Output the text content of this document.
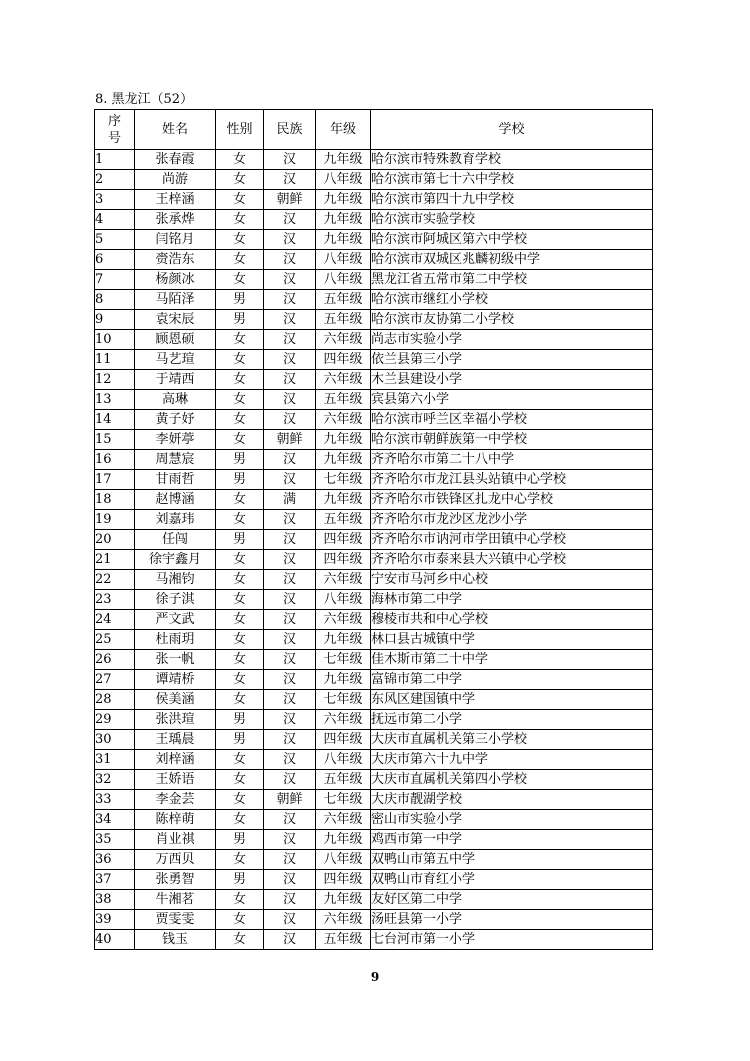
8. 黑龙江（52）
序
号	姓名	性别	民族	年级	学校
1	张春霞	女	汉	九年级	哈尔滨市特殊教育学校
2	尚游	女	汉	八年级	哈尔滨市第七十六中学校
3	王梓涵	女	朝鲜	九年级	哈尔滨市第四十九中学校
4	张承烨	女	汉	九年级	哈尔滨市实验学校
5	闫铭月	女	汉	九年级	哈尔滨市阿城区第六中学校
6	赍浩东	女	汉	八年级	哈尔滨市双城区兆麟初级中学
7	杨颜冰	女	汉	八年级	黑龙江省五常市第二中学校
8	马陌泽	男	汉	五年级	哈尔滨市继红小学校
9	袁宋辰	男	汉	五年级	哈尔滨市友协第二小学校
10	顾恩硕	女	汉	六年级	尚志市实验小学
11	马艺瑄	女	汉	四年级	依兰县第三小学
12	于靖西	女	汉	六年级	木兰县建设小学
13	高琳	女	汉	五年级	宾县第六小学
14	黄子妤	女	汉	六年级	哈尔滨市呼兰区幸福小学校
15	李妍葶	女	朝鲜	九年级	哈尔滨市朝鲜族第一中学校
16	周慧宸	男	汉	九年级	齐齐哈尔市第二十八中学
17	甘雨哲	男	汉	七年级	齐齐哈尔市龙江县头站镇中心学校
18	赵博涵	女	满	九年级	齐齐哈尔市铁锋区扎龙中心学校
19	刘嘉玮	女	汉	五年级	齐齐哈尔市龙沙区龙沙小学
20	任闯	男	汉	四年级	齐齐哈尔市讷河市学田镇中心学校
21	徐宇鑫月	女	汉	四年级	齐齐哈尔市泰来县大兴镇中心学校
22	马湘钧	女	汉	六年级	宁安市马河乡中心校
23	徐子淇	女	汉	八年级	海林市第二中学
24	严文武	女	汉	六年级	穆棱市共和中心学校
25	杜雨玥	女	汉	九年级	林口县古城镇中学
26	张一帆	女	汉	七年级	佳木斯市第二十中学
27	谭靖桥	女	汉	九年级	富锦市第二中学
28	侯美涵	女	汉	七年级	东风区建国镇中学
29	张洪瑄	男	汉	六年级	抚远市第二小学
30	王瑀晨	男	汉	四年级	大庆市直属机关第三小学校
31	刘梓涵	女	汉	八年级	大庆市第六十九中学
32	王娇语	女	汉	五年级	大庆市直属机关第四小学校
33	李金芸	女	朝鲜	七年级	大庆市靓湖学校
34	陈梓萌	女	汉	六年级	密山市实验小学
35	肖业祺	男	汉	九年级	鸡西市第一中学
36	万西贝	女	汉	八年级	双鸭山市第五中学
37	张勇智	男	汉	四年级	双鸭山市育红小学
38	牛湘茗	女	汉	九年级	友好区第二中学
39	贾雯雯	女	汉	六年级	汤旺县第一小学
40	钱玉	女	汉	五年级	七台河市第一小学
9
